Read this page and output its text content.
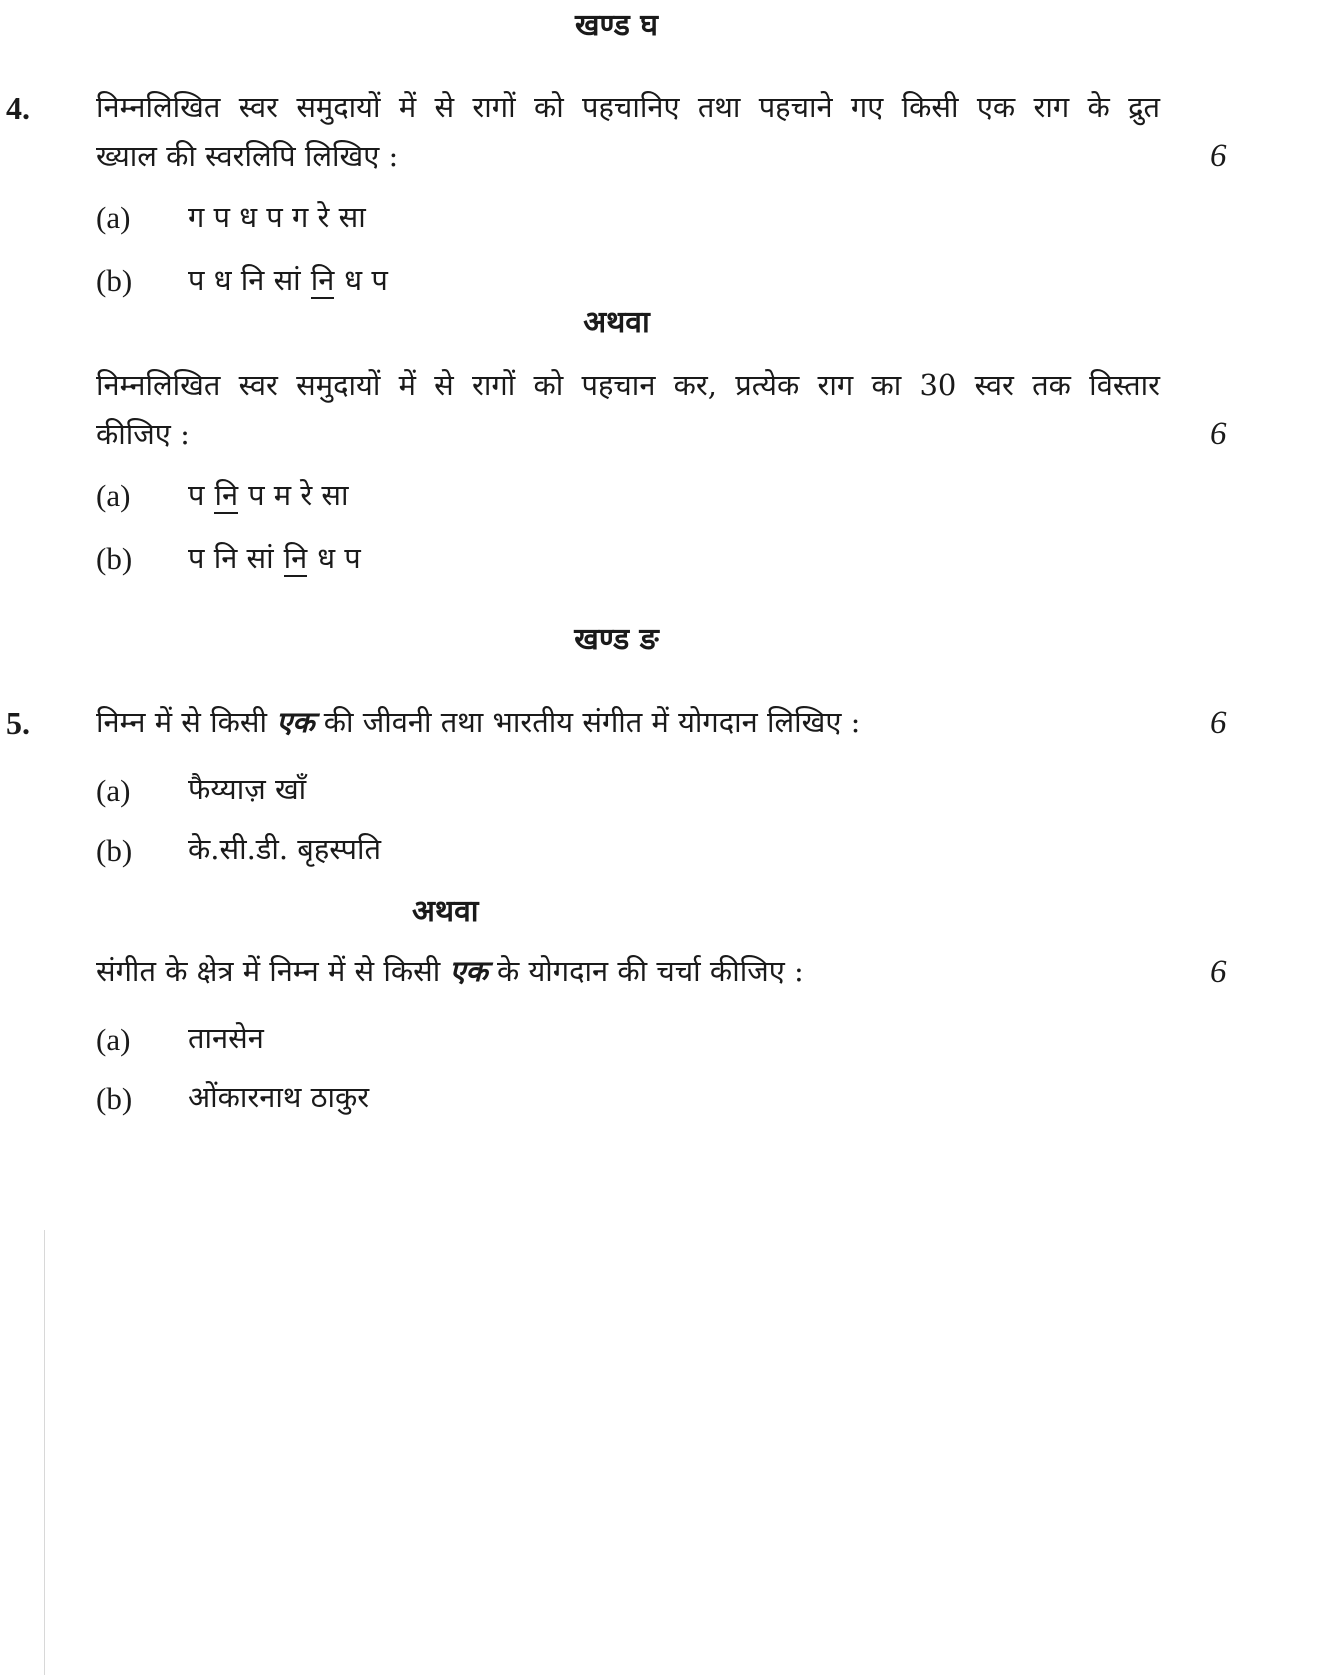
खण्ड घ
4. निम्नलिखित स्वर समुदायों में से रागों को पहचानिए तथा पहचाने गए किसी एक राग के द्रुत
ख्याल की स्वरलिपि लिखिए :	6
(a) ग प ध प ग रे सा
(b) प ध नि सां नि ध प
अथवा
निम्नलिखित स्वर समुदायों में से रागों को पहचान कर, प्रत्येक राग का 30 स्वर तक विस्तार
कीजिए :	6
(a) प नि प म रे सा
(b) प नि सां नि ध प
खण्ड ङ
5. निम्न में से किसी एक की जीवनी तथा भारतीय संगीत में योगदान लिखिए :	6
(a) फैय्याज़ खाँ
(b) के.सी.डी. बृहस्पति
अथवा
संगीत के क्षेत्र में निम्न में से किसी एक के योगदान की चर्चा कीजिए :	6
(a) तानसेन
(b) ओंकारनाथ ठाकुर
